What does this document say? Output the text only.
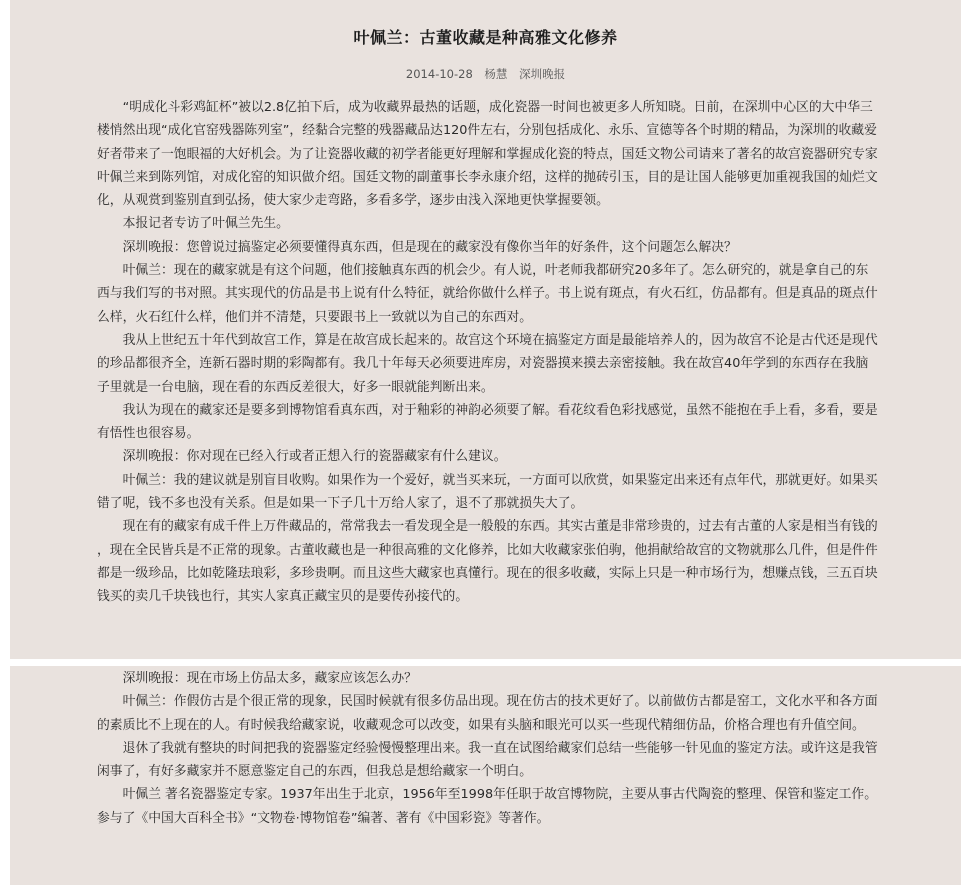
叶佩兰：古董收藏是种高雅文化修养
2014-10-28 杨慧 深圳晚报

“明成化斗彩鸡缸杯”被以2.8亿拍下后，成为收藏界最热的话题，成化瓷器一时间也被更多人所知晓。日前，在深圳中心区的大中华三楼悄然出现“成化官窑残器陈列室”，经黏合完整的残器藏品达120件左右，分别包括成化、永乐、宣德等各个时期的精品，为深圳的收藏爱好者带来了一饱眼福的大好机会。为了让瓷器收藏的初学者能更好理解和掌握成化瓷的特点，国廷文物公司请来了著名的故宫瓷器研究专家叶佩兰来到陈列馆，对成化窑的知识做介绍。国廷文物的副董事长李永康介绍，这样的抛砖引玉，目的是让国人能够更加重视我国的灿烂文化，从观赏到鉴别直到弘扬，使大家少走弯路，多看多学，逐步由浅入深地更快掌握要领。

本报记者专访了叶佩兰先生。

深圳晚报：您曾说过搞鉴定必须要懂得真东西，但是现在的藏家没有像你当年的好条件，这个问题怎么解决？

叶佩兰：现在的藏家就是有这个问题，他们接触真东西的机会少。有人说，叶老师我都研究20多年了。怎么研究的，就是拿自己的东西与我们写的书对照。其实现代的仿品是书上说有什么特征，就给你做什么样子。书上说有斑点，有火石红，仿品都有。但是真品的斑点什么样，火石红什么样，他们并不清楚，只要跟书上一致就以为自己的东西对。

我从上世纪五十年代到故宫工作，算是在故宫成长起来的。故宫这个环境在搞鉴定方面是最能培养人的，因为故宫不论是古代还是现代的珍品都很齐全，连新石器时期的彩陶都有。我几十年每天必须要进库房，对瓷器摸来摸去亲密接触。我在故宫40年学到的东西存在我脑子里就是一台电脑，现在看的东西反差很大，好多一眼就能判断出来。

我认为现在的藏家还是要多到博物馆看真东西，对于釉彩的神韵必须要了解。看花纹看色彩找感觉，虽然不能抱在手上看，多看，要是有悟性也很容易。

深圳晚报：你对现在已经入行或者正想入行的瓷器藏家有什么建议。

叶佩兰：我的建议就是别盲目收购。如果作为一个爱好，就当买来玩，一方面可以欣赏，如果鉴定出来还有点年代，那就更好。如果买错了呢，钱不多也没有关系。但是如果一下子几十万给人家了，退不了那就损失大了。

现在有的藏家有成千件上万件藏品的，常常我去一看发现全是一般般的东西。其实古董是非常珍贵的，过去有古董的人家是相当有钱的，现在全民皆兵是不正常的现象。古董收藏也是一种很高雅的文化修养，比如大收藏家张伯驹，他捐献给故宫的文物就那么几件，但是件件都是一级珍品，比如乾隆珐琅彩，多珍贵啊。而且这些大藏家也真懂行。现在的很多收藏，实际上只是一种市场行为，想赚点钱，三五百块钱买的卖几千块钱也行，其实人家真正藏宝贝的是要传孙接代的。

深圳晚报：现在市场上仿品太多，藏家应该怎么办？

叶佩兰：作假仿古是个很正常的现象，民国时候就有很多仿品出现。现在仿古的技术更好了。以前做仿古都是窑工，文化水平和各方面的素质比不上现在的人。有时候我给藏家说，收藏观念可以改变，如果有头脑和眼光可以买一些现代精细仿品，价格合理也有升值空间。

退休了我就有整块的时间把我的瓷器鉴定经验慢慢整理出来。我一直在试图给藏家们总结一些能够一针见血的鉴定方法。或许这是我管闲事了，有好多藏家并不愿意鉴定自己的东西，但我总是想给藏家一个明白。

叶佩兰 著名瓷器鉴定专家。1937年出生于北京，1956年至1998年任职于故宫博物院，主要从事古代陶瓷的整理、保管和鉴定工作。参与了《中国大百科全书》“文物卷·博物馆卷”编著、著有《中国彩瓷》等著作。
